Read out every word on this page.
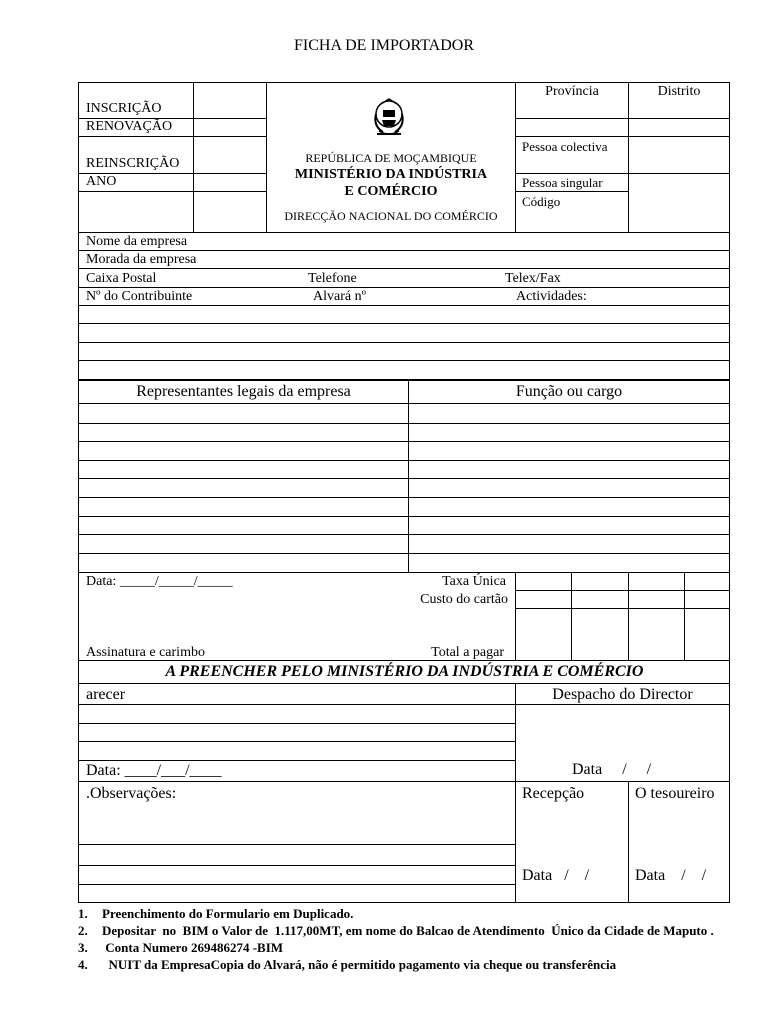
FICHA DE IMPORTADOR
INSCRIÇÃO
RENOVAÇÃO
REINSCRIÇÃO
ANO
REPÚBLICA DE MOÇAMBIQUE
MINISTÉRIO DA INDÚSTRIA
E COMÉRCIO
DIRECÇÃO NACIONAL DO COMÉRCIO
Província	Distrito
Pessoa colectiva
Pessoa singular
Código
Nome da empresa
Morada da empresa
Caixa Postal	Telefone	Telex/Fax
Nº do Contribuinte	Alvará nº	Actividades:
Representantes legais da empresa	Função ou cargo
Data: _____/_____/_____	Taxa Única
Custo do cartão
Assinatura e carimbo	Total a pagar
A PREENCHER PELO MINISTÉRIO DA INDÚSTRIA E COMÉRCIO
arecer	Despacho do Director
Data: ____/___/____	Data     /     /
.Observações:	Recepção	O tesoureiro
Data   /    /	Data    /    /
1.	Preenchimento do Formulario em Duplicado.
2.	Depositar  no  BIM o Valor de  1.117,00MT, em nome do Balcao de Atendimento  Único da Cidade de Maputo .
3.	Conta Numero 269486274 -BIM
4.	NUIT da EmpresaCopia do Alvará, não é permitido pagamento via cheque ou transferência
